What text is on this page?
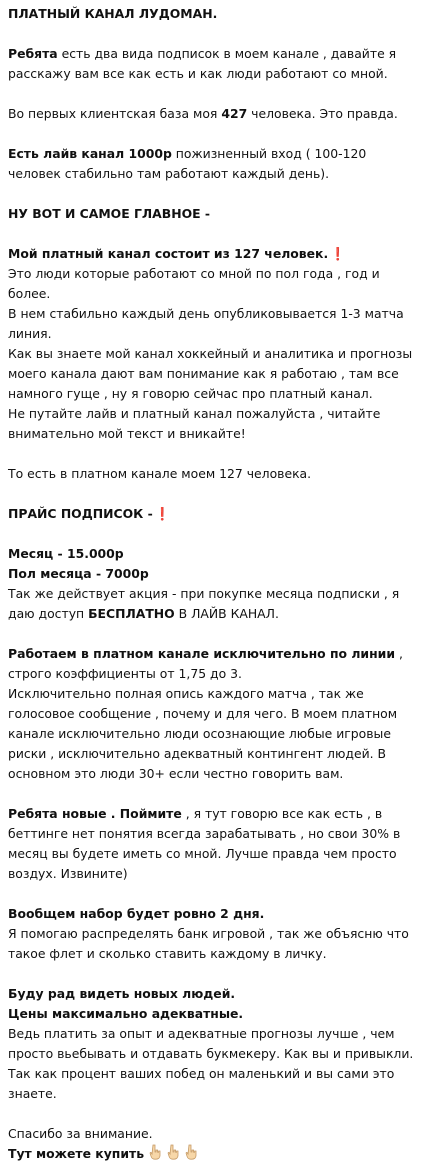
ПЛАТНЫЙ КАНАЛ ЛУДОМАН.

Ребята есть два вида подписок в моем канале , давайте я расскажу вам все как есть и как люди работают со мной.

Во первых клиентская база моя 427 человека. Это правда.

Есть лайв канал 1000р пожизненный вход ( 100-120 человек стабильно там работают каждый день).

НУ ВОТ И САМОЕ ГЛАВНОЕ -

Мой платный канал состоит из 127 человек. ❗
Это люди которые работают со мной по пол года , год и более.
В нем стабильно каждый день опубликовывается 1-3 матча линия.
Как вы знаете мой канал хоккейный и аналитика и прогнозы моего канала дают вам понимание как я работаю , там все намного гуще , ну я говорю сейчас про платный канал.
Не путайте лайв и платный канал пожалуйста , читайте внимательно мой текст и вникайте!

То есть в платном канале моем 127 человека.

ПРАЙС ПОДПИСОК - ❗

Месяц - 15.000р
Пол месяца - 7000р
Так же действует акция - при покупке месяца подписки , я даю доступ БЕСПЛАТНО В ЛАЙВ КАНАЛ.

Работаем в платном канале исключительно по линии , строго коэффициенты от 1,75 до 3.
Исключительно полная опись каждого матча , так же голосовое сообщение , почему и для чего. В моем платном канале исключительно люди осознающие любые игровые риски , исключительно адекватный контингент людей. В основном это люди 30+ если честно говорить вам.

Ребята новые . Поймите , я тут говорю все как есть , в беттинге нет понятия всегда зарабатывать , но свои 30% в месяц вы будете иметь со мной. Лучше правда чем просто воздух. Извините)

Вообщем набор будет ровно 2 дня.
Я помогаю распределять банк игровой , так же объясню что такое флет и сколько ставить каждому в личку.

Буду рад видеть новых людей.
Цены максимально адекватные.
Ведь платить за опыт и адекватные прогнозы лучше , чем просто вьебывать и отдавать букмекеру. Как вы и привыкли.
Так как процент ваших побед он маленький и вы сами это знаете.

Спасибо за внимание.

Тут можете купить
